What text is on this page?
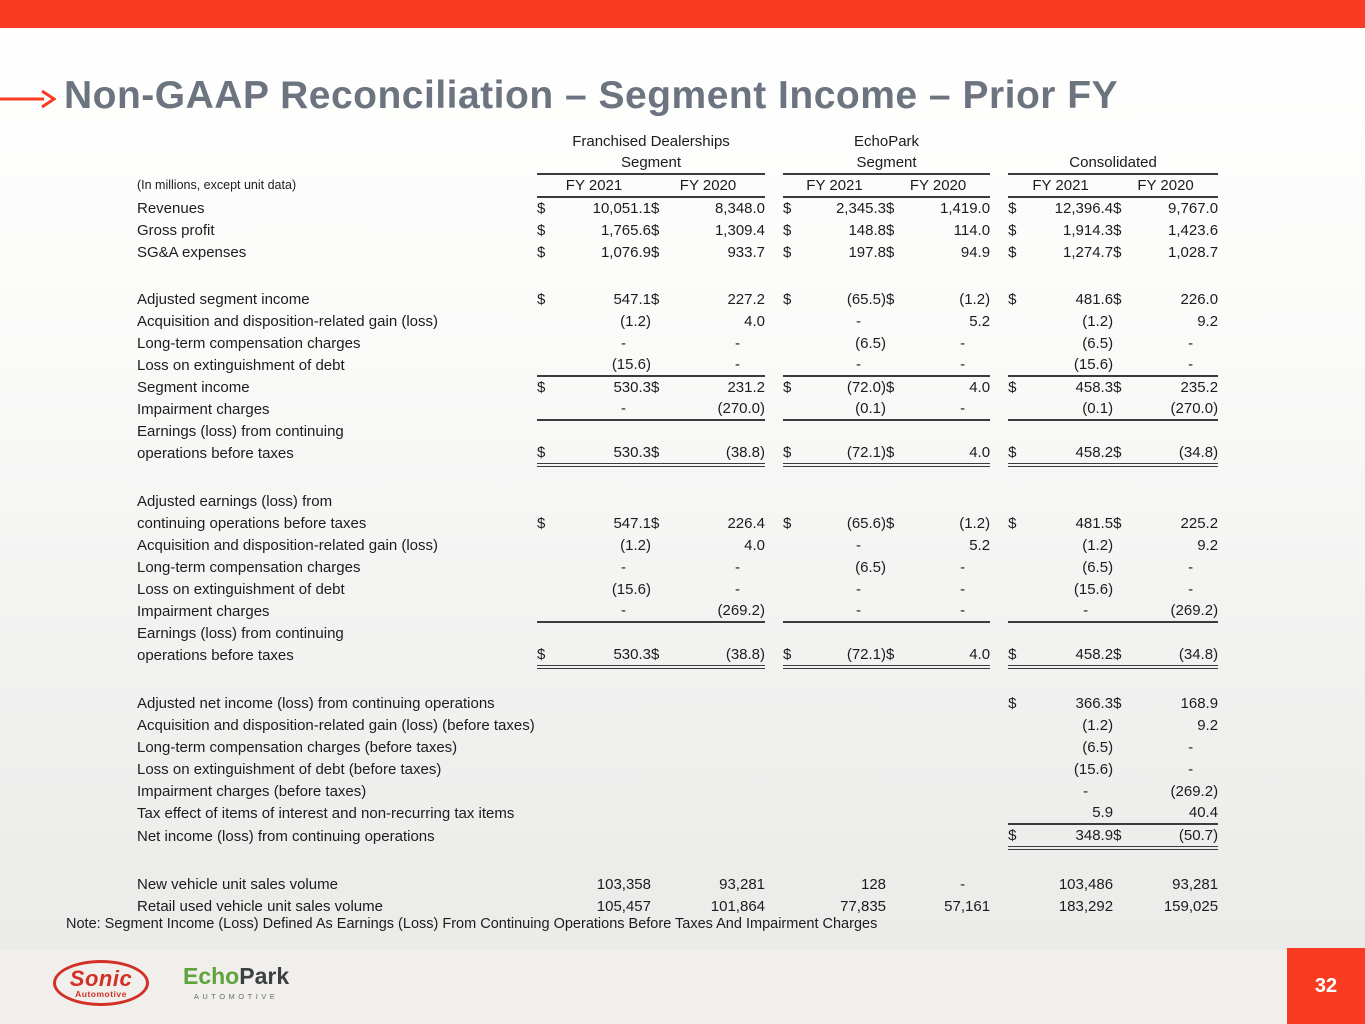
Non-GAAP Reconciliation – Segment Income – Prior FY
	Franchised Dealerships					EchoPark								
	Segment					Segment					Consolidated			
(In millions, except unit data)	FY 2021		FY 2020			FY 2021		FY 2020			FY 2021		FY 2020	
Revenues	$	10,051.1	$	8,348.0		$	2,345.3	$	1,419.0		$	12,396.4	$	9,767.0
Gross profit	$	1,765.6	$	1,309.4		$	148.8	$	114.0		$	1,914.3	$	1,423.6
SG&A expenses	$	1,076.9	$	933.7		$	197.8	$	94.9		$	1,274.7	$	1,028.7

Adjusted segment income	$	547.1	$	227.2		$	(65.5)	$	(1.2)		$	481.6	$	226.0
Acquisition and disposition-related gain (loss)		(1.2)		4.0			-		5.2			(1.2)		9.2
Long-term compensation charges		-		-			(6.5)		-			(6.5)		-
Loss on extinguishment of debt		(15.6)		-			-		-			(15.6)		-
Segment income	$	530.3	$	231.2		$	(72.0)	$	4.0		$	458.3	$	235.2
Impairment charges		-		(270.0)			(0.1)		-			(0.1)		(270.0)
Earnings (loss) from continuing														
operations before taxes	$	530.3	$	(38.8)		$	(72.1)	$	4.0		$	458.2	$	(34.8)

Adjusted earnings (loss) from														
continuing operations before taxes	$	547.1	$	226.4		$	(65.6)	$	(1.2)		$	481.5	$	225.2
Acquisition and disposition-related gain (loss)		(1.2)		4.0			-		5.2			(1.2)		9.2
Long-term compensation charges		-		-			(6.5)		-			(6.5)		-
Loss on extinguishment of debt		(15.6)		-			-		-			(15.6)		-
Impairment charges		-		(269.2)			-		-			-		(269.2)
Earnings (loss) from continuing														
operations before taxes	$	530.3	$	(38.8)		$	(72.1)	$	4.0		$	458.2	$	(34.8)

Adjusted net income (loss) from continuing operations											$	366.3	$	168.9
Acquisition and disposition-related gain (loss) (before taxes)												(1.2)		9.2
Long-term compensation charges (before taxes)												(6.5)		-
Loss on extinguishment of debt (before taxes)												(15.6)		-
Impairment charges (before taxes)												-		(269.2)
Tax effect of items of interest and non-recurring tax items												5.9		40.4
Net income (loss) from continuing operations											$	348.9	$	(50.7)

New vehicle unit sales volume		103,358		93,281			128		-			103,486		93,281
Retail used vehicle unit sales volume		105,457		101,864			77,835		57,161			183,292		159,025
Note: Segment Income (Loss) Defined As Earnings (Loss) From Continuing Operations Before Taxes And Impairment Charges
Sonic
Automotive
EchoPark
AUTOMOTIVE	32
